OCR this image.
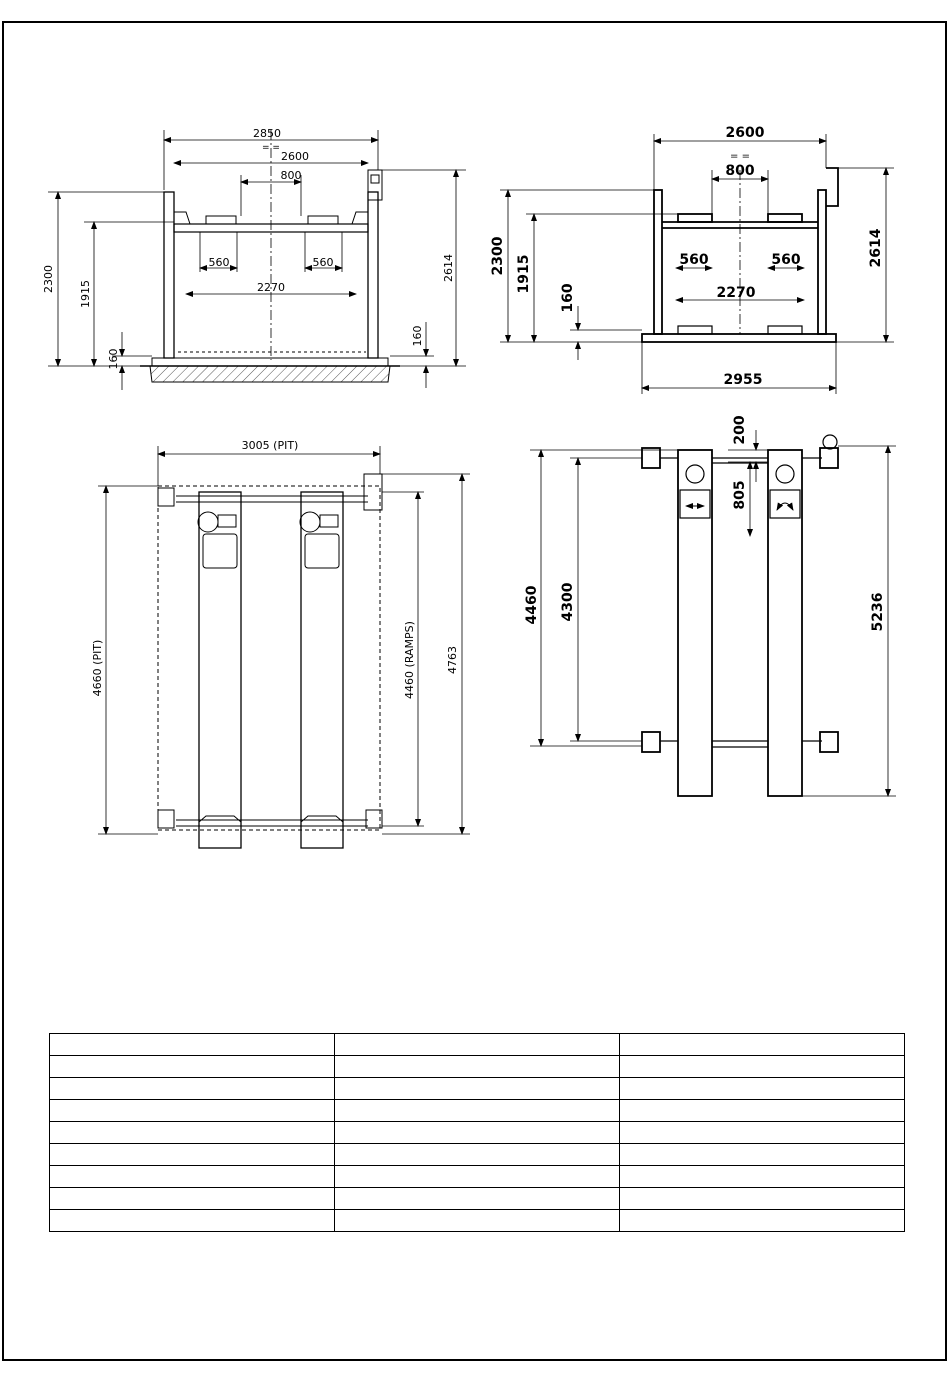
2850
= =
2600
800
560	560
2270
2300
1915
160
2614
160
2600
= =
800
560	560
2270
2300 1915
160
2614
2955
3005 (PIT)
4660 (PIT)	4460 (RAMPS)	4763
200
805
4460 4300	5236
